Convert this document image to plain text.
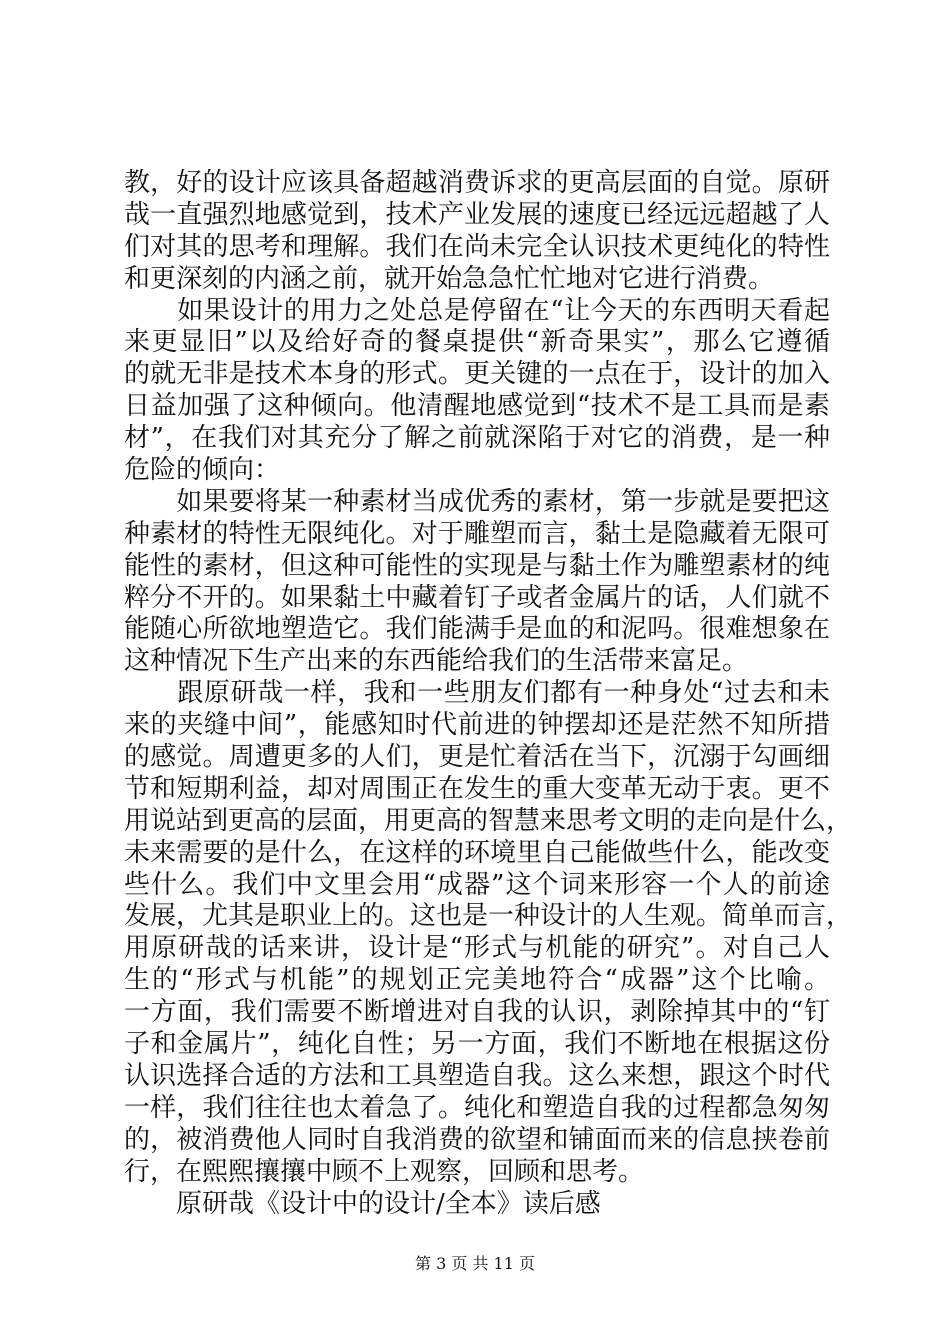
教，好的设计应该具备超越消费诉求的更高层面的自觉。原研
哉一直强烈地感觉到，技术产业发展的速度已经远远超越了人
们对其的思考和理解。我们在尚未完全认识技术更纯化的特性
和更深刻的内涵之前，就开始急急忙忙地对它进行消费。
　　如果设计的用力之处总是停留在“让今天的东西明天看起
来更显旧”以及给好奇的餐桌提供“新奇果实”，那么它遵循
的就无非是技术本身的形式。更关键的一点在于，设计的加入
日益加强了这种倾向。他清醒地感觉到“技术不是工具而是素
材”，在我们对其充分了解之前就深陷于对它的消费，是一种
危险的倾向：
　　如果要将某一种素材当成优秀的素材，第一步就是要把这
种素材的特性无限纯化。对于雕塑而言，黏土是隐藏着无限可
能性的素材，但这种可能性的实现是与黏土作为雕塑素材的纯
粹分不开的。如果黏土中藏着钉子或者金属片的话，人们就不
能随心所欲地塑造它。我们能满手是血的和泥吗。很难想象在
这种情况下生产出来的东西能给我们的生活带来富足。
　　跟原研哉一样，我和一些朋友们都有一种身处“过去和未
来的夹缝中间”，能感知时代前进的钟摆却还是茫然不知所措
的感觉。周遭更多的人们，更是忙着活在当下，沉溺于勾画细
节和短期利益，却对周围正在发生的重大变革无动于衷。更不
用说站到更高的层面，用更高的智慧来思考文明的走向是什么，
未来需要的是什么，在这样的环境里自己能做些什么，能改变
些什么。我们中文里会用“成器”这个词来形容一个人的前途
发展，尤其是职业上的。这也是一种设计的人生观。简单而言，
用原研哉的话来讲，设计是“形式与机能的研究”。对自己人
生的“形式与机能”的规划正完美地符合“成器”这个比喻。
一方面，我们需要不断增进对自我的认识，剥除掉其中的“钉
子和金属片”，纯化自性；另一方面，我们不断地在根据这份
认识选择合适的方法和工具塑造自我。这么来想，跟这个时代
一样，我们往往也太着急了。纯化和塑造自我的过程都急匆匆
的，被消费他人同时自我消费的欲望和铺面而来的信息挟卷前
行，在熙熙攘攘中顾不上观察，回顾和思考。
　　原研哉《设计中的设计/全本》读后感
第 3 页 共 11 页
